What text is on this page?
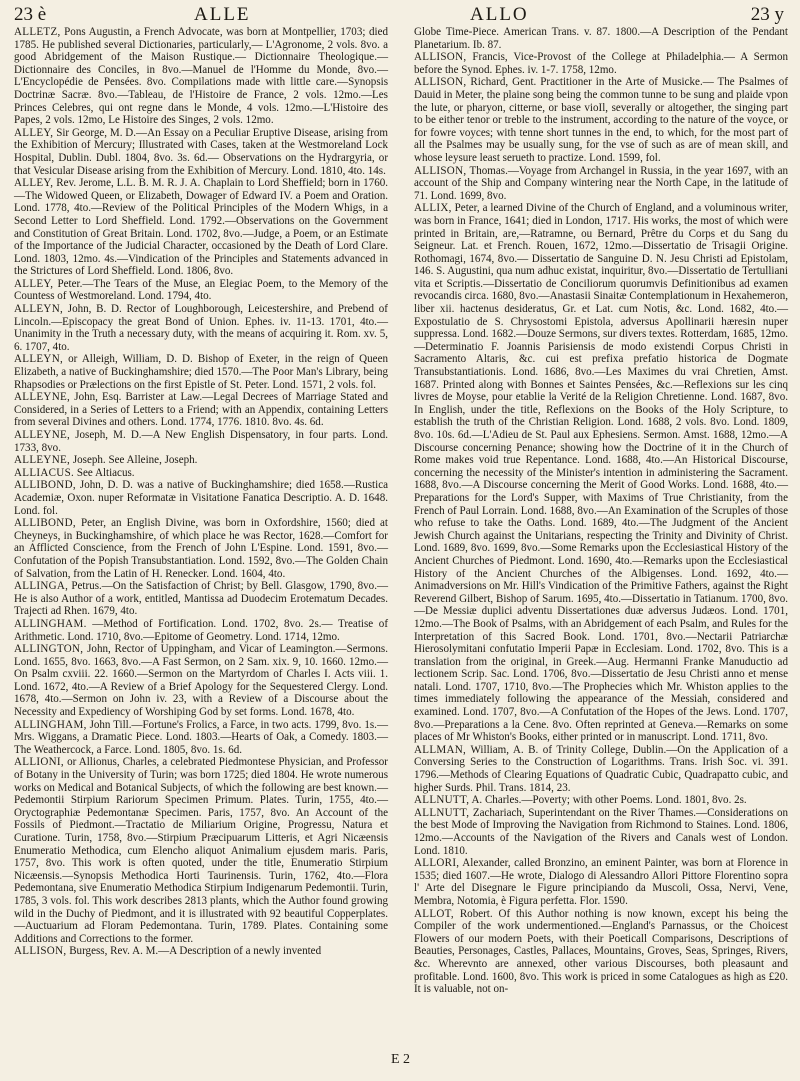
23 è	ALLE	ALLO	23 y

ALLETZ, Pons Augustin, a French Advocate, was born at Montpellier, 1703; died 1785. He published several Dictionaries, particularly,— L'Agronome, 2 vols. 8vo. a good Abridgement of the Maison Rustique.— Dictionnaire Theologique.—Dictionnaire des Conciles, in 8vo.—Manuel de l'Homme du Monde, 8vo.—L'Encyclopédie de Pensées. 8vo. Compilations made with little care.—Synopsis Doctrinæ Sacræ. 8vo.—Tableau, de l'Histoire de France, 2 vols. 12mo.—Les Princes Celebres, qui ont regne dans le Monde, 4 vols. 12mo.—L'Histoire des Papes, 2 vols. 12mo, Le Histoire des Singes, 2 vols. 12mo.

ALLEY, Sir George, M. D.—An Essay on a Peculiar Eruptive Disease, arising from the Exhibition of Mercury; Illustrated with Cases, taken at the Westmoreland Lock Hospital, Dublin. Dubl. 1804, 8vo. 3s. 6d.— Observations on the Hydrargyria, or that Vesicular Disease arising from the Exhibition of Mercury. Lond. 1810, 4to. 14s.

ALLEY, Rev. Jerome, L.L. B. M. R. J. A. Chaplain to Lord Sheffield; born in 1760.—The Widowed Queen, or Elizabeth, Dowager of Edward IV. a Poem and Oration. Lond. 1778, 4to.—Review of the Political Principles of the Modern Whigs, in a Second Letter to Lord Sheffield. Lond. 1792.—Observations on the Government and Constitution of Great Britain. Lond. 1702, 8vo.—Judge, a Poem, or an Estimate of the Importance of the Judicial Character, occasioned by the Death of Lord Clare. Lond. 1803, 12mo. 4s.—Vindication of the Principles and Statements advanced in the Strictures of Lord Sheffield. Lond. 1806, 8vo.

ALLEY, Peter.—The Tears of the Muse, an Elegiac Poem, to the Memory of the Countess of Westmoreland. Lond. 1794, 4to.

ALLEYN, John, B. D. Rector of Loughborough, Leicestershire, and Prebend of Lincoln.—Episcopacy the great Bond of Union. Ephes. iv. 11-13. 1701, 4to.—Unanimity in the Truth a necessary duty, with the means of acquiring it. Rom. xv. 5, 6. 1707, 4to.

ALLEYN, or Alleigh, William, D. D. Bishop of Exeter, in the reign of Queen Elizabeth, a native of Buckinghamshire; died 1570.—The Poor Man's Library, being Rhapsodies or Prælections on the first Epistle of St. Peter. Lond. 1571, 2 vols. fol.

ALLEYNE, John, Esq. Barrister at Law.—Legal Decrees of Marriage Stated and Considered, in a Series of Letters to a Friend; with an Appendix, containing Letters from several Divines and others. Lond. 1774, 1776. 1810. 8vo. 4s. 6d.

ALLEYNE, Joseph, M. D.—A New English Dispensatory, in four parts. Lond. 1733, 8vo.

ALLEYNE, Joseph. See Alleine, Joseph.

ALLIACUS. See Altiacus.

ALLIBOND, John, D. D. was a native of Buckinghamshire; died 1658.—Rustica Academiæ, Oxon. nuper Reformatæ in Visitatione Fanatica Descriptio. A. D. 1648. Lond. fol.

ALLIBOND, Peter, an English Divine, was born in Oxfordshire, 1560; died at Cheyneys, in Buckinghamshire, of which place he was Rector, 1628.—Comfort for an Afflicted Conscience, from the French of John L'Espine. Lond. 1591, 8vo.—Confutation of the Popish Transubstantiation. Lond. 1592, 8vo.—The Golden Chain of Salvation, from the Latin of H. Renecker. Lond. 1604, 4to.

ALLINGA, Petrus.—On the Satisfaction of Christ; by Bell. Glasgow, 1790, 8vo.—He is also Author of a work, entitled, Mantissa ad Duodecim Erotematum Decades. Trajecti ad Rhen. 1679, 4to.

ALLINGHAM. —Method of Fortification. Lond. 1702, 8vo. 2s.— Treatise of Arithmetic. Lond. 1710, 8vo.—Epitome of Geometry. Lond. 1714, 12mo.

ALLINGTON, John, Rector of Uppingham, and Vicar of Leamington.—Sermons. Lond. 1655, 8vo. 1663, 8vo.—A Fast Sermon, on 2 Sam. xix. 9, 10. 1660. 12mo.—On Psalm cxviii. 22. 1660.—Sermon on the Martyrdom of Charles I. Acts viii. 1. Lond. 1672, 4to.—A Review of a Brief Apology for the Sequestered Clergy. Lond. 1678, 4to.—Sermon on John iv. 23, with a Review of a Discourse about the Necessity and Expediency of Worshiping God by set forms. Lond. 1678, 4to.

ALLINGHAM, John Till.—Fortune's Frolics, a Farce, in two acts. 1799, 8vo. 1s.—Mrs. Wiggans, a Dramatic Piece. Lond. 1803.—Hearts of Oak, a Comedy. 1803.—The Weathercock, a Farce. Lond. 1805, 8vo. 1s. 6d.

ALLIONI, or Allionus, Charles, a celebrated Piedmontese Physician, and Professor of Botany in the University of Turin; was born 1725; died 1804. He wrote numerous works on Medical and Botanical Subjects, of which the following are best known.—Pedemontii Stirpium Rariorum Specimen Primum. Plates. Turin, 1755, 4to.—Oryctographiæ Pedemontanæ Specimen. Paris, 1757, 8vo. An Account of the Fossils of Piedmont.—Tractatio de Miliarium Origine, Progressu, Natura et Curatione. Turin, 1758, 8vo.—Stirpium Præcipuarum Litteris, et Agri Nicæensis Enumeratio Methodica, cum Elencho aliquot Animalium ejusdem maris. Paris, 1757, 8vo. This work is often quoted, under the title, Enumeratio Stirpium Nicæensis.—Synopsis Methodica Horti Taurinensis. Turin, 1762, 4to.—Flora Pedemontana, sive Enumeratio Methodica Stirpium Indigenarum Pedemontii. Turin, 1785, 3 vols. fol. This work describes 2813 plants, which the Author found growing wild in the Duchy of Piedmont, and it is illustrated with 92 beautiful Copperplates.—Auctuarium ad Floram Pedemontana. Turin, 1789. Plates. Containing some Additions and Corrections to the former.

ALLISON, Burgess, Rev. A. M.—A Description of a newly invented

Globe Time-Piece. American Trans. v. 87. 1800.—A Description of the Pendant Planetarium. Ib. 87.

ALLISON, Francis, Vice-Provost of the College at Philadelphia.— A Sermon before the Synod. Ephes. iv. 1-7. 1758, 12mo.

ALLISON, Richard, Gent. Practitioner in the Arte of Musicke.— The Psalmes of Dauid in Meter, the plaine song being the common tunne to be sung and plaide vpon the lute, or pharyon, citterne, or base vioIl, severally or altogether, the singing part to be either tenor or treble to the instrument, according to the nature of the voyce, or for fowre voyces; with tenne short tunnes in the end, to which, for the most part of all the Psalmes may be usually sung, for the vse of such as are of mean skill, and whose leysure least serueth to practize. Lond. 1599, fol.

ALLISON, Thomas.—Voyage from Archangel in Russia, in the year 1697, with an account of the Ship and Company wintering near the North Cape, in the latitude of 71. Lond. 1699, 8vo.

ALLIX, Peter, a learned Divine of the Church of England, and a voluminous writer, was born in France, 1641; died in London, 1717. His works, the most of which were printed in Britain, are,—Ratramne, ou Bernard, Prêtre du Corps et du Sang du Seigneur. Lat. et French. Rouen, 1672, 12mo.—Dissertatio de Trisagii Origine. Rothomagi, 1674, 8vo.— Dissertatio de Sanguine D. N. Jesu Christi ad Epistolam, 146. S. Augustini, qua num adhuc existat, inquiritur, 8vo.—Dissertatio de Tertulliani vita et Scriptis.—Dissertatio de Conciliorum quorumvis Definitionibus ad examen revocandis circa. 1680, 8vo.—Anastasii Sinaitæ Contemplationum in Hexahemeron, liber xii. hactenus desideratus, Gr. et Lat. cum Notis, &c. Lond. 1682, 4to.—Expostulatio de S. Chrysostomi Epistola, adversus Apollinarii hæresin nuper suppressa. Lond. 1682.—Douze Sermons, sur divers textes. Rotterdam, 1685, 12mo.—Determinatio F. Joannis Parisiensis de modo existendi Corpus Christi in Sacramento Altaris, &c. cui est prefixa prefatio historica de Dogmate Transubstantiationis. Lond. 1686, 8vo.—Les Maximes du vrai Chretien, Amst. 1687. Printed along with Bonnes et Saintes Pensées, &c.—Reflexions sur les cinq livres de Moyse, pour etablie la Verité de la Religion Chretienne. Lond. 1687, 8vo. In English, under the title, Reflexions on the Books of the Holy Scripture, to establish the truth of the Christian Religion. Lond. 1688, 2 vols. 8vo. Lond. 1809, 8vo. 10s. 6d.—L'Adieu de St. Paul aux Ephesiens. Sermon. Amst. 1688, 12mo.—A Discourse concerning Penance; showing how the Doctrine of it in the Church of Rome makes void true Repentance. Lond. 1688, 4to.—An Historical Discourse, concerning the necessity of the Minister's intention in administering the Sacrament. 1688, 8vo.—A Discourse concerning the Merit of Good Works. Lond. 1688, 4to.—Preparations for the Lord's Supper, with Maxims of True Christianity, from the French of Paul Lorrain. Lond. 1688, 8vo.—An Examination of the Scruples of those who refuse to take the Oaths. Lond. 1689, 4to.—The Judgment of the Ancient Jewish Church against the Unitarians, respecting the Trinity and Divinity of Christ. Lond. 1689, 8vo. 1699, 8vo.—Some Remarks upon the Ecclesiastical History of the Ancient Churches of Piedmont. Lond. 1690, 4to.—Remarks upon the Ecclesiastical History of the Ancient Churches of the Albigenses. Lond. 1692, 4to.—Animadversions on Mr. Hill's Vindication of the Primitive Fathers, against the Right Reverend Gilbert, Bishop of Sarum. 1695, 4to.—Dissertatio in Tatianum. 1700, 8vo.—De Messiæ duplici adventu Dissertationes duæ adversus Judæos. Lond. 1701, 12mo.—The Book of Psalms, with an Abridgement of each Psalm, and Rules for the Interpretation of this Sacred Book. Lond. 1701, 8vo.—Nectarii Patriarchæ Hierosolymitani confutatio Imperii Papæ in Ecclesiam. Lond. 1702, 8vo. This is a translation from the original, in Greek.—Aug. Hermanni Franke Manuductio ad lectionem Scrip. Sac. Lond. 1706, 8vo.—Dissertatio de Jesu Christi anno et mense natali. Lond. 1707, 1710, 8vo.—The Prophecies which Mr. Whiston applies to the times immediately following the appearance of the Messiah, considered and examined. Lond. 1707, 8vo.—A Confutation of the Hopes of the Jews. Lond. 1707, 8vo.—Preparations a la Cene. 8vo. Often reprinted at Geneva.—Remarks on some places of Mr Whiston's Books, either printed or in manuscript. Lond. 1711, 8vo.

ALLMAN, William, A. B. of Trinity College, Dublin.—On the Application of a Conversing Series to the Construction of Logarithms. Trans. Irish Soc. vi. 391. 1796.—Methods of Clearing Equations of Quadratic Cubic, Quadrapatto cubic, and higher Surds. Phil. Trans. 1814, 23.

ALLNUTT, A. Charles.—Poverty; with other Poems. Lond. 1801, 8vo. 2s.

ALLNUTT, Zachariach, Superintendant on the River Thames.—Considerations on the best Mode of Improving the Navigation from Richmond to Staines. Lond. 1806, 12mo.—Accounts of the Navigation of the Rivers and Canals west of London. Lond. 1810.

ALLORI, Alexander, called Bronzino, an eminent Painter, was born at Florence in 1535; died 1607.—He wrote, Dialogo di Alessandro Allori Pittore Florentino sopra l' Arte del Disegnare le Figure principiando da Muscoli, Ossa, Nervi, Vene, Membra, Notomia, è Figura perfetta. Flor. 1590.

ALLOT, Robert. Of this Author nothing is now known, except his being the Compiler of the work undermentioned.—England's Parnassus, or the Choicest Flowers of our modern Poets, with their Poeticall Comparisons, Descriptions of Beauties, Personages, Castles, Pallaces, Mountains, Groves, Seas, Springes, Rivers, &c. Wherevnto are annexed, other various Discourses, both pleasaunt and profitable. Lond. 1600, 8vo. This work is priced in some Catalogues as high as £20. It is valuable, not on-

E 2
